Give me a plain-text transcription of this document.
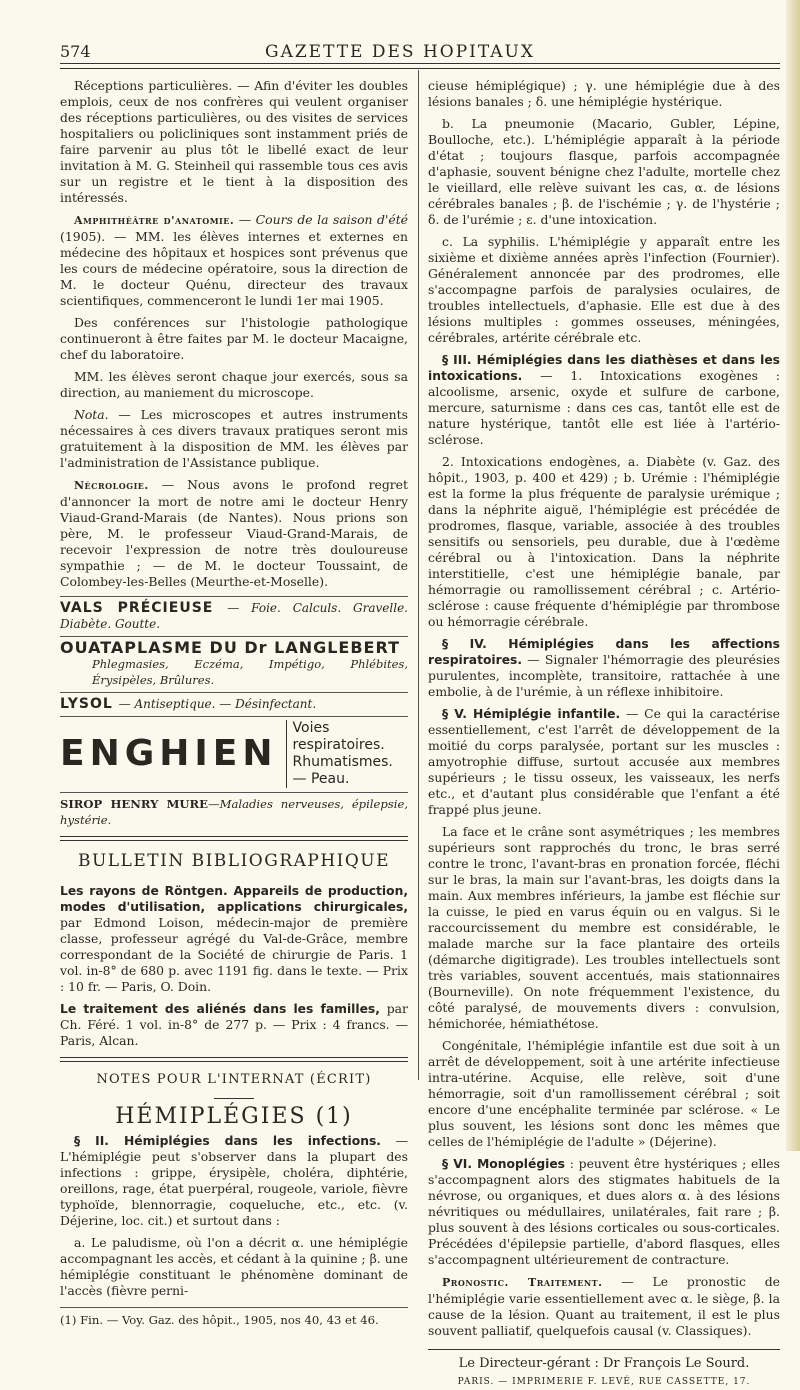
574	GAZETTE DES HOPITAUX

Réceptions particulières. — Afin d'éviter les doubles emplois, ceux de nos confrères qui veulent organiser des réceptions particulières, ou des visites de services hospitaliers ou policliniques sont instamment priés de faire parvenir au plus tôt le libellé exact de leur invitation à M. G. Steinheil qui rassemble tous ces avis sur un registre et le tient à la disposition des intéressés.

Amphithéâtre d'anatomie. — Cours de la saison d'été (1905). — MM. les élèves internes et externes en médecine des hôpitaux et hospices sont prévenus que les cours de médecine opératoire, sous la direction de M. le docteur Quénu, directeur des travaux scientifiques, commenceront le lundi 1er mai 1905.

Des conférences sur l'histologie pathologique continueront à être faites par M. le docteur Macaigne, chef du laboratoire.

MM. les élèves seront chaque jour exercés, sous sa direction, au maniement du microscope.

Nota. — Les microscopes et autres instruments nécessaires à ces divers travaux pratiques seront mis gratuitement à la disposition de MM. les élèves par l'administration de l'Assistance publique.

Nécrologie. — Nous avons le profond regret d'annoncer la mort de notre ami le docteur Henry Viaud-Grand-Marais (de Nantes). Nous prions son père, M. le professeur Viaud-Grand-Marais, de recevoir l'expression de notre très douloureuse sympathie ; — de M. le docteur Toussaint, de Colombey-les-Belles (Meurthe-et-Moselle).

VALS PRÉCIEUSE — Foie. Calculs. Gravelle. Diabète. Goutte.
OUATAPLASME DU Dr LANGLEBERT
Phlegmasies, Eczéma, Impétigo, Phlébites, Érysipèles, Brûlures.
LYSOL — Antiseptique. — Désinfectant.
ENGHIEN
Voies respiratoires.
Rhumatismes. — Peau.
SIROP HENRY MURE—Maladies nerveuses, épilepsie, hystérie.
BULLETIN BIBLIOGRAPHIQUE

Les rayons de Röntgen. Appareils de production, modes d'utilisation, applications chirurgicales, par Edmond Loison, médecin-major de première classe, professeur agrégé du Val-de-Grâce, membre correspondant de la Société de chirurgie de Paris. 1 vol. in-8° de 680 p. avec 1191 fig. dans le texte. — Prix : 10 fr. — Paris, O. Doin.

Le traitement des aliénés dans les familles, par Ch. Féré. 1 vol. in-8° de 277 p. — Prix : 4 francs. — Paris, Alcan.

NOTES POUR L'INTERNAT (ÉCRIT)
HÉMIPLÉGIES (1)

§ II. Hémiplégies dans les infections. — L'hémiplégie peut s'observer dans la plupart des infections : grippe, érysipèle, choléra, diphtérie, oreillons, rage, état puerpéral, rougeole, variole, fièvre typhoïde, blennorragie, coqueluche, etc., etc. (v. Déjerine, loc. cit.) et surtout dans :

a. Le paludisme, où l'on a décrit α. une hémiplégie accompagnant les accès, et cédant à la quinine ; β. une hémiplégie constituant le phénomène dominant de l'accès (fièvre perni-

(1) Fin. — Voy. Gaz. des hôpit., 1905, nos 40, 43 et 46.

cieuse hémiplégique) ; γ. une hémiplégie due à des lésions banales ; δ. une hémiplégie hystérique.

b. La pneumonie (Macario, Gubler, Lépine, Boulloche, etc.). L'hémiplégie apparaît à la période d'état ; toujours flasque, parfois accompagnée d'aphasie, souvent bénigne chez l'adulte, mortelle chez le vieillard, elle relève suivant les cas, α. de lésions cérébrales banales ; β. de l'ischémie ; γ. de l'hystérie ; δ. de l'urémie ; ε. d'une intoxication.

c. La syphilis. L'hémiplégie y apparaît entre les sixième et dixième années après l'infection (Fournier). Généralement annoncée par des prodromes, elle s'accompagne parfois de paralysies oculaires, de troubles intellectuels, d'aphasie. Elle est due à des lésions multiples : gommes osseuses, méningées, cérébrales, artérite cérébrale etc.

§ III. Hémiplégies dans les diathèses et dans les intoxications. — 1. Intoxications exogènes : alcoolisme, arsenic, oxyde et sulfure de carbone, mercure, saturnisme : dans ces cas, tantôt elle est de nature hystérique, tantôt elle est liée à l'artério-sclérose.

2. Intoxications endogènes, a. Diabète (v. Gaz. des hôpit., 1903, p. 400 et 429) ; b. Urémie : l'hémiplégie est la forme la plus fréquente de paralysie urémique ; dans la néphrite aiguë, l'hémiplégie est précédée de prodromes, flasque, variable, associée à des troubles sensitifs ou sensoriels, peu durable, due à l'œdème cérébral ou à l'intoxication. Dans la néphrite interstitielle, c'est une hémiplégie banale, par hémorragie ou ramollissement cérébral ; c. Artério-sclérose : cause fréquente d'hémiplégie par thrombose ou hémorragie cérébrale.

§ IV. Hémiplégies dans les affections respiratoires. — Signaler l'hémorragie des pleurésies purulentes, incomplète, transitoire, rattachée à une embolie, à de l'urémie, à un réflexe inhibitoire.

§ V. Hémiplégie infantile. — Ce qui la caractérise essentiellement, c'est l'arrêt de développement de la moitié du corps paralysée, portant sur les muscles : amyotrophie diffuse, surtout accusée aux membres supérieurs ; le tissu osseux, les vaisseaux, les nerfs etc., et d'autant plus considérable que l'enfant a été frappé plus jeune.

La face et le crâne sont asymétriques ; les membres supérieurs sont rapprochés du tronc, le bras serré contre le tronc, l'avant-bras en pronation forcée, fléchi sur le bras, la main sur l'avant-bras, les doigts dans la main. Aux membres inférieurs, la jambe est fléchie sur la cuisse, le pied en varus équin ou en valgus. Si le raccourcissement du membre est considérable, le malade marche sur la face plantaire des orteils (démarche digitigrade). Les troubles intellectuels sont très variables, souvent accentués, mais stationnaires (Bourneville). On note fréquemment l'existence, du côté paralysé, de mouvements divers : convulsion, hémichorée, hémiathétose.

Congénitale, l'hémiplégie infantile est due soit à un arrêt de développement, soit à une artérite infectieuse intra-utérine. Acquise, elle relève, soit d'une hémorragie, soit d'un ramollissement cérébral ; soit encore d'une encéphalite terminée par sclérose. « Le plus souvent, les lésions sont donc les mêmes que celles de l'hémiplégie de l'adulte » (Déjerine).

§ VI. Monoplégies : peuvent être hystériques ; elles s'accompagnent alors des stigmates habituels de la névrose, ou organiques, et dues alors α. à des lésions névritiques ou médullaires, unilatérales, fait rare ; β. plus souvent à des lésions corticales ou sous-corticales. Précédées d'épilepsie partielle, d'abord flasques, elles s'accompagnent ultérieurement de contracture.

Pronostic. Traitement. — Le pronostic de l'hémiplégie varie essentiellement avec α. le siège, β. la cause de la lésion. Quant au traitement, il est le plus souvent palliatif, quelquefois causal (v. Classiques).

Le Directeur-gérant : Dr François Le Sourd.
PARIS. — IMPRIMERIE F. LEVÉ, RUE CASSETTE, 17.
